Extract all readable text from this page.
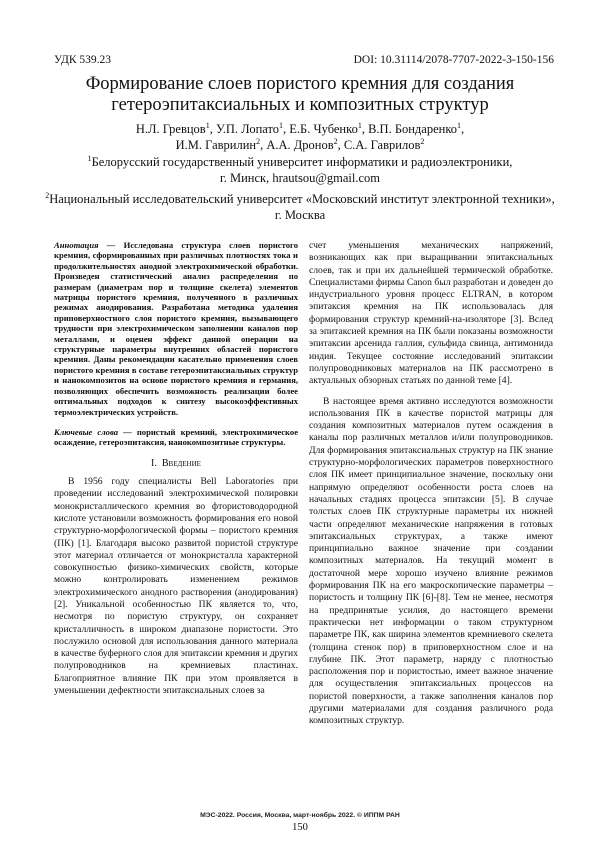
УДК 539.23	DOI: 10.31114/2078-7707-2022-3-150-156
Формирование слоев пористого кремния для создания
гетероэпитаксиальных и композитных структур
Н.Л. Гревцов$^1$, У.П. Лопато$^1$, Е.Б. Чубенко$^1$, В.П. Бондаренко$^1$,
И.М. Гаврилин$^2$, А.А. Дронов$^2$, С.А. Гаврилов$^2$
$^1$Белорусский государственный университет информатики и радиоэлектроники,
г. Минск, hrautsou@gmail.com
$^2$Национальный исследовательский университет «Московский институт электронной техники»,
г. Москва

Аннотация — Исследована структура слоев пористого кремния, сформированных при различных плотностях тока и продолжительностях анодной электрохимической обработки. Произведен статистический анализ распределения по размерам (диаметрам пор и толщине скелета) элементов матрицы пористого кремния, полученного в различных режимах анодирования. Разработана методика удаления приповерхностного слоя пористого кремния, вызывающего трудности при электрохимическом заполнении каналов пор металлами, и оценен эффект данной операции на структурные параметры внутренних областей пористого кремния. Даны рекомендации касательно применения слоев пористого кремния в составе гетероэпитаксиальных структур и нанокомпозитов на основе пористого кремния и германия, позволяющих обеспечить возможность реализации более оптимальных подходов к синтезу высокоэффективных термоэлектрических устройств.

Ключевые слова — пористый кремний, электрохимическое осаждение, гетероэпитаксия, нанокомпозитные структуры.

I. Введение

В 1956 году специалисты Bell Laboratories при проведении исследований электрохимической полировки монокристаллического кремния во фтористоводородной кислоте установили возможность формирования его новой структурно-морфологической формы – пористого кремния (ПК) [1]. Благодаря высоко развитой пористой структуре этот материал отличается от монокристалла характерной совокупностью физико-химических свойств, которые можно контролировать изменением режимов электрохимического анодного растворения (анодирования) [2]. Уникальной особенностью ПК является то, что, несмотря по пористую структуру, он сохраняет кристалличность в широком диапазоне пористости. Это послужило основой для использования данного материала в качестве буферного слоя для эпитаксии кремния и других полупроводников на кремниевых пластинах. Благоприятное влияние ПК при этом проявляется в уменьшении дефектности эпитаксиальных слоев за

счет уменьшения механических напряжений, возникающих как при выращивании эпитаксиальных слоев, так и при их дальнейшей термической обработке. Специалистами фирмы Canon был разработан и доведен до индустриального уровня процесс ELTRAN, в котором эпитаксия кремния на ПК использовалась для формирования структур кремний-на-изоляторе [3]. Вслед за эпитаксией кремния на ПК были показаны возможности эпитаксии арсенида галлия, сульфида свинца, антимонида индия. Текущее состояние исследований эпитаксии полупроводниковых материалов на ПК рассмотрено в актуальных обзорных статьях по данной теме [4].

В настоящее время активно исследуются возможности использования ПК в качестве пористой матрицы для создания композитных материалов путем осаждения в каналы пор различных металлов и/или полупроводников. Для формирования эпитаксиальных структур на ПК знание структурно-морфологических параметров поверхностного слоя ПК имеет принципиальное значение, поскольку они напрямую определяют особенности роста слоев на начальных стадиях процесса эпитаксии [5]. В случае толстых слоев ПК структурные параметры их нижней части определяют механические напряжения в готовых эпитаксиальных структурах, а также имеют принципиально важное значение при создании композитных материалов. На текущий момент в достаточной мере хорошо изучено влияние режимов формирования ПК на его макроскопические параметры – пористость и толщину ПК [6]-[8]. Тем не менее, несмотря на предпринятые усилия, до настоящего времени практически нет информации о таком структурном параметре ПК, как ширина элементов кремниевого скелета (толщина стенок пор) в приповерхностном слое и на глубине ПК. Этот параметр, наряду с плотностью расположения пор и пористостью, имеет важное значение для осуществления эпитаксиальных процессов на пористой поверхности, а также заполнения каналов пор другими материалами для создания различного рода композитных структур.

МЭС-2022. Россия, Москва, март-ноябрь 2022. © ИППМ РАН
150
